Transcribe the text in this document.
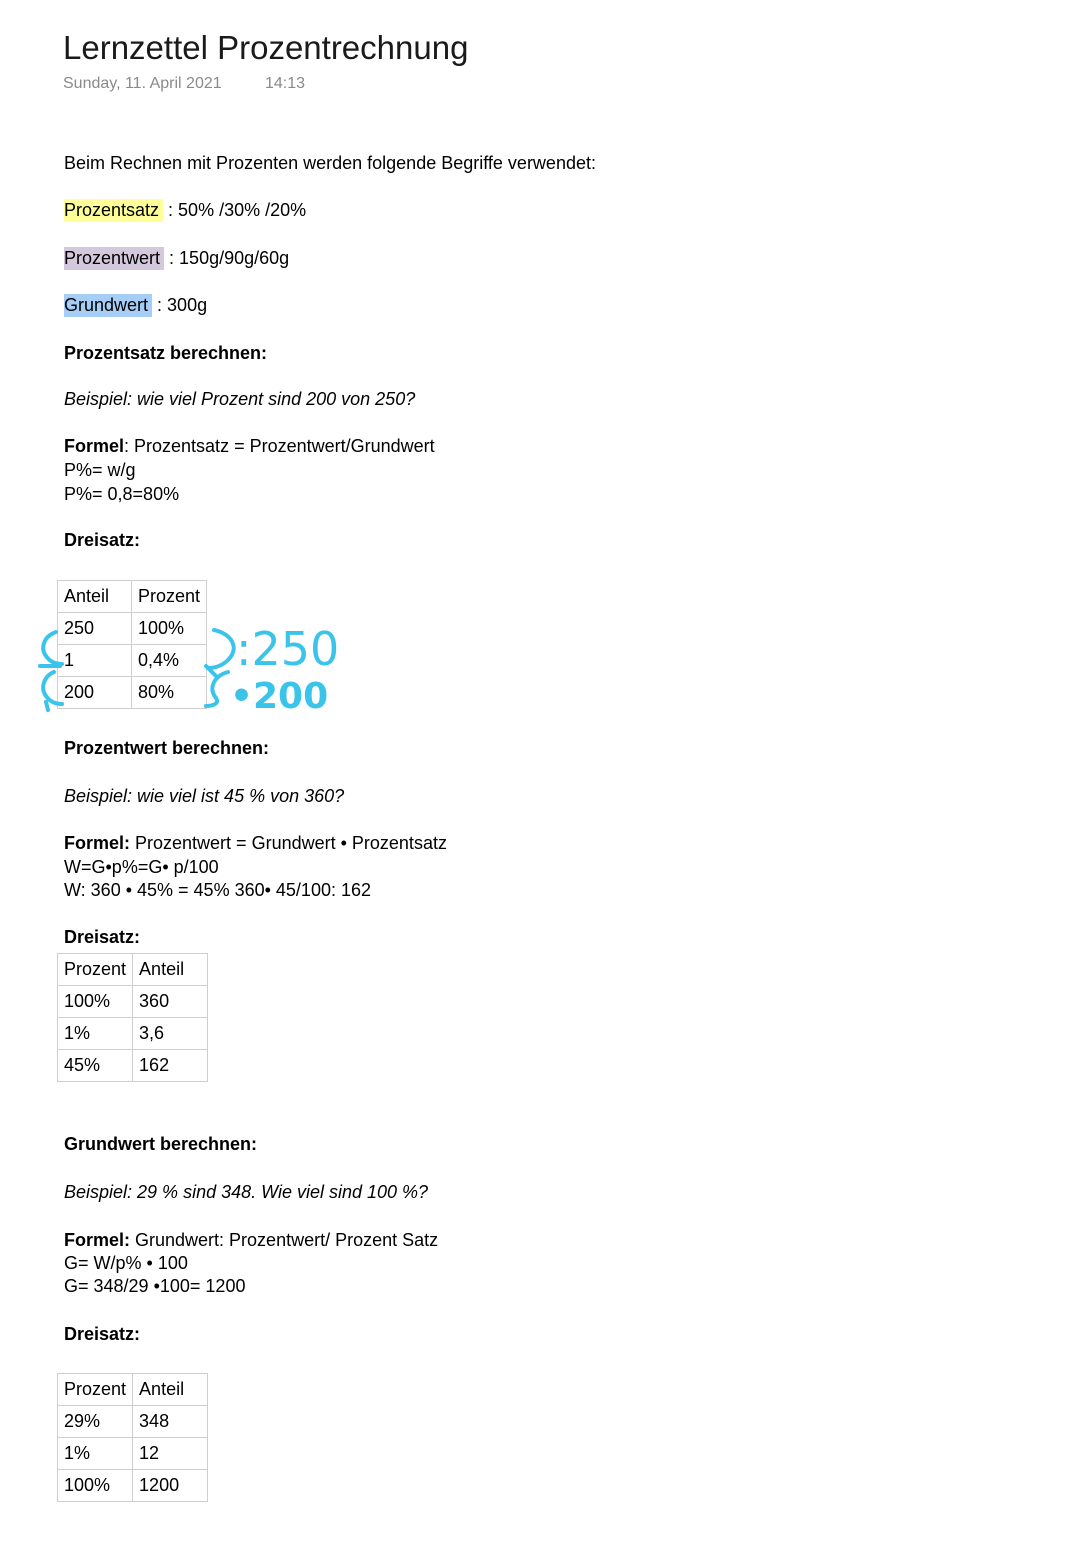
Lernzettel Prozentrechnung
Sunday, 11. April 2021	14:13
Beim Rechnen mit Prozenten werden folgende Begriffe verwendet:
Prozentsatz : 50% /30% /20%
Prozentwert : 150g/90g/60g
Grundwert : 300g
Prozentsatz berechnen:
Beispiel: wie viel Prozent sind 200 von 250?
Formel: Prozentsatz = Prozentwert/Grundwert
P%= w/g
P%= 0,8=80%
Dreisatz:
Anteil	Prozent
250	100%
1	0,4%
200	80%
:250
•200
Prozentwert berechnen:
Beispiel: wie viel ist 45 % von 360?
Formel: Prozentwert = Grundwert • Prozentsatz
W=G•p%=G• p/100
W: 360 • 45% = 45% 360• 45/100: 162
Dreisatz:
Prozent	Anteil
100%	360
1%	3,6
45%	162
Grundwert berechnen:
Beispiel: 29 % sind 348. Wie viel sind 100 %?
Formel: Grundwert: Prozentwert/ Prozent Satz
G= W/p% • 100
G= 348/29 •100= 1200
Dreisatz:
Prozent	Anteil
29%	348
1%	12
100%	1200
